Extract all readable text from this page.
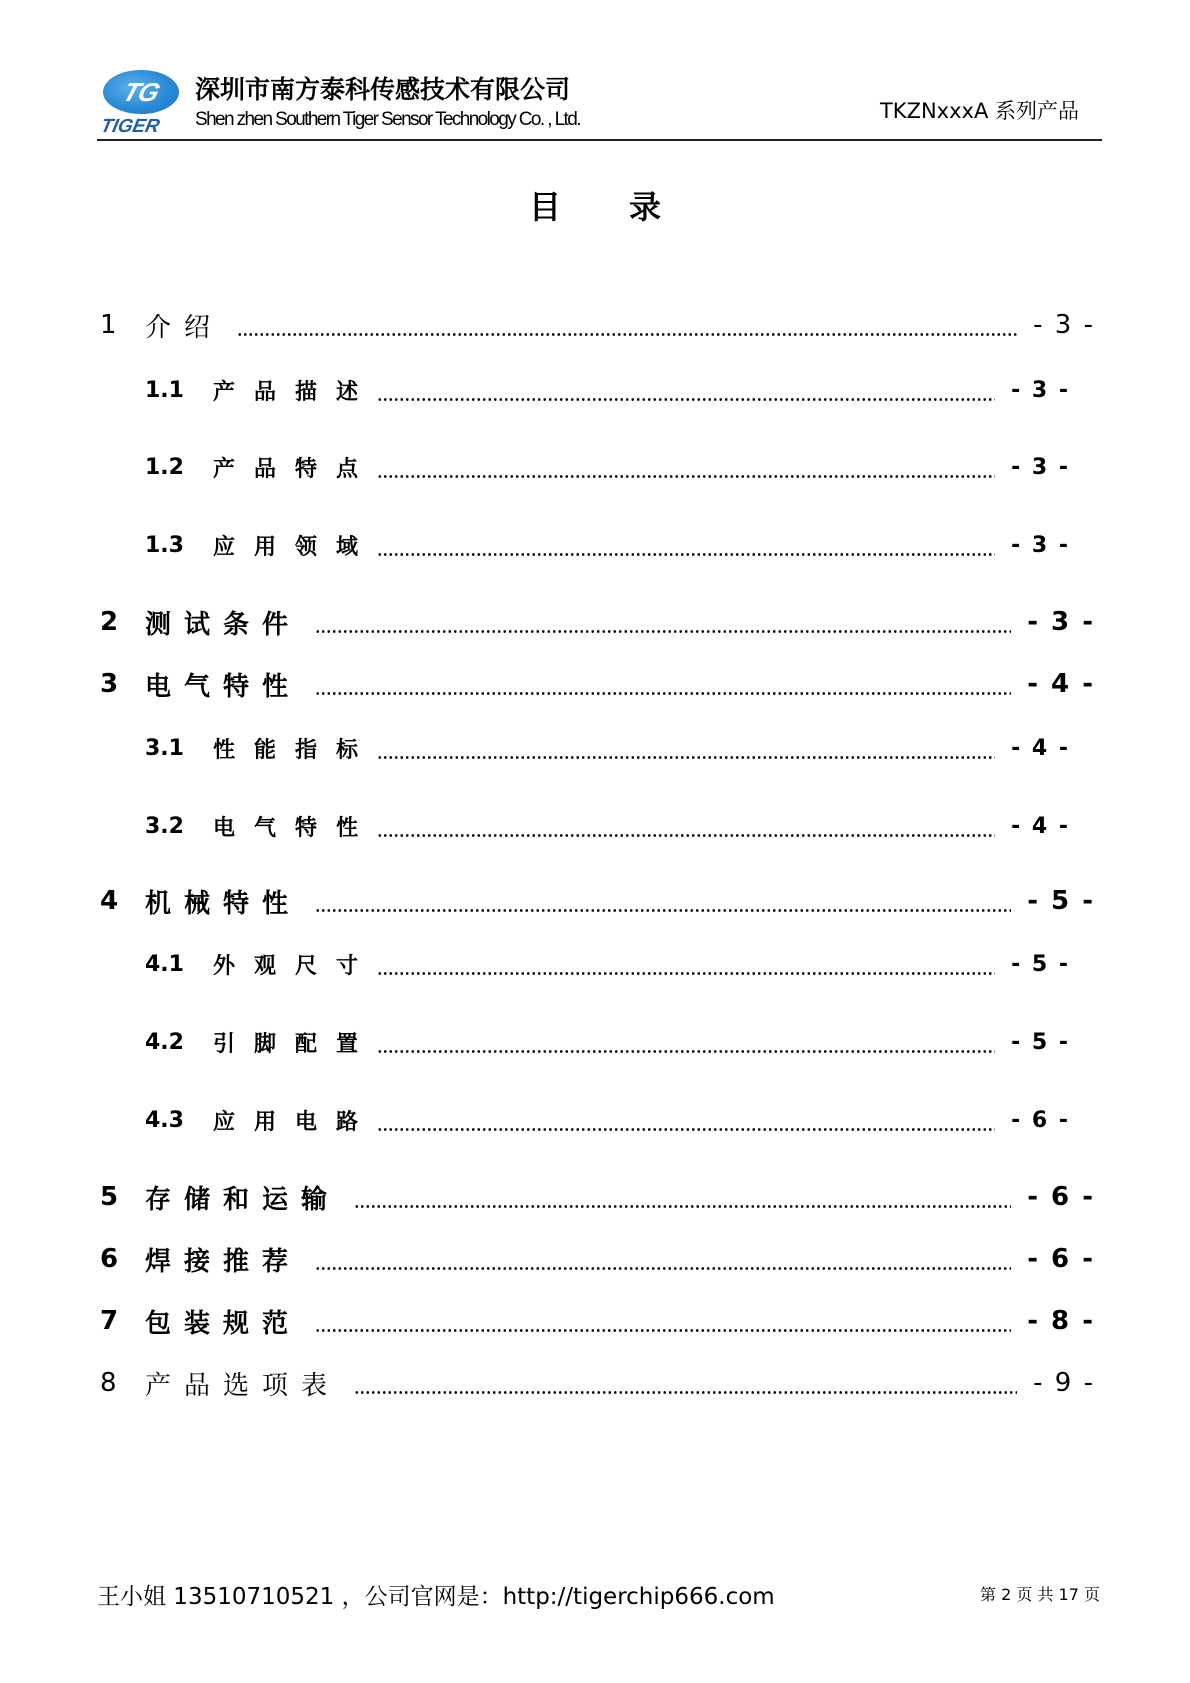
TG
TIGER
深圳市南方泰科传感技术有限公司
Shen zhen Southern Tiger Sensor Technology Co. , Ltd.	TKZNxxxA 系列产品
目 录
1	介绍	- 3 -
1.1	产品描述	- 3 -
1.2	产品特点	- 3 -
1.3	应用领域	- 3 -
2	测试条件	- 3 -
3	电气特性	- 4 -
3.1	性能指标	- 4 -
3.2	电气特性	- 4 -
4	机械特性	- 5 -
4.1	外观尺寸	- 5 -
4.2	引脚配置	- 5 -
4.3	应用电路	- 6 -
5	存储和运输	- 6 -
6	焊接推荐	- 6 -
7	包装规范	- 8 -
8	产品选项表	- 9 -
王小姐 13510710521 ，公司官网是：http://tigerchip666.com	第 2 页 共 17 页
